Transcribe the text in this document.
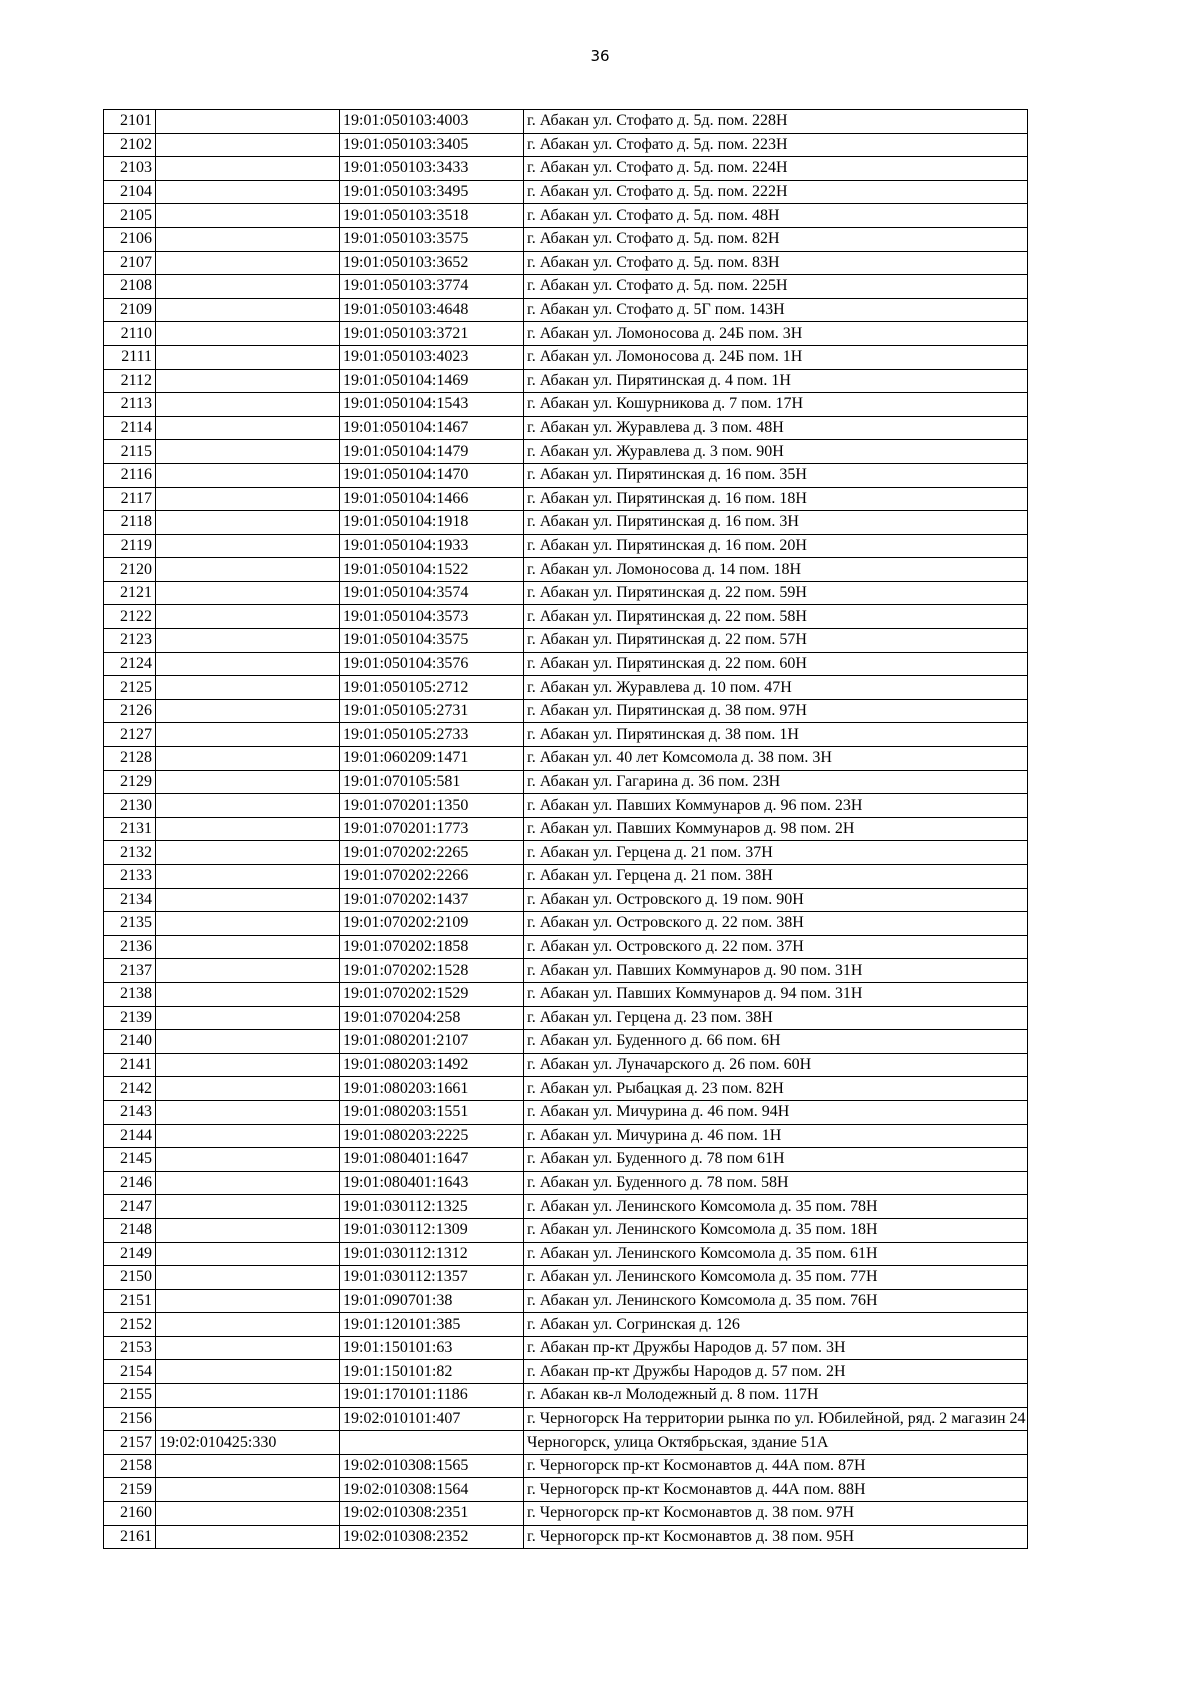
36
2101		19:01:050103:4003	г. Абакан ул. Стофато д. 5д. пом. 228Н
2102		19:01:050103:3405	г. Абакан ул. Стофато д. 5д. пом. 223Н
2103		19:01:050103:3433	г. Абакан ул. Стофато д. 5д. пом. 224Н
2104		19:01:050103:3495	г. Абакан ул. Стофато д. 5д. пом. 222Н
2105		19:01:050103:3518	г. Абакан ул. Стофато д. 5д. пом. 48Н
2106		19:01:050103:3575	г. Абакан ул. Стофато д. 5д. пом. 82Н
2107		19:01:050103:3652	г. Абакан ул. Стофато д. 5д. пом. 83Н
2108		19:01:050103:3774	г. Абакан ул. Стофато д. 5д. пом. 225Н
2109		19:01:050103:4648	г. Абакан ул. Стофато д. 5Г пом. 143Н
2110		19:01:050103:3721	г. Абакан ул. Ломоносова д. 24Б пом. 3Н
2111		19:01:050103:4023	г. Абакан ул. Ломоносова д. 24Б пом. 1Н
2112		19:01:050104:1469	г. Абакан ул. Пирятинская д. 4 пом. 1Н
2113		19:01:050104:1543	г. Абакан ул. Кошурникова д. 7 пом. 17Н
2114		19:01:050104:1467	г. Абакан ул. Журавлева д. 3 пом. 48Н
2115		19:01:050104:1479	г. Абакан ул. Журавлева д. 3 пом. 90Н
2116		19:01:050104:1470	г. Абакан ул. Пирятинская д. 16 пом. 35Н
2117		19:01:050104:1466	г. Абакан ул. Пирятинская д. 16 пом. 18Н
2118		19:01:050104:1918	г. Абакан ул. Пирятинская д. 16 пом. 3Н
2119		19:01:050104:1933	г. Абакан ул. Пирятинская д. 16 пом. 20Н
2120		19:01:050104:1522	г. Абакан ул. Ломоносова д. 14 пом. 18Н
2121		19:01:050104:3574	г. Абакан ул. Пирятинская д. 22 пом. 59Н
2122		19:01:050104:3573	г. Абакан ул. Пирятинская д. 22 пом. 58Н
2123		19:01:050104:3575	г. Абакан ул. Пирятинская д. 22 пом. 57Н
2124		19:01:050104:3576	г. Абакан ул. Пирятинская д. 22 пом. 60Н
2125		19:01:050105:2712	г. Абакан ул. Журавлева д. 10 пом. 47Н
2126		19:01:050105:2731	г. Абакан ул. Пирятинская д. 38 пом. 97Н
2127		19:01:050105:2733	г. Абакан ул. Пирятинская д. 38 пом. 1Н
2128		19:01:060209:1471	г. Абакан ул. 40 лет Комсомола д. 38 пом. 3Н
2129		19:01:070105:581	г. Абакан ул. Гагарина д. 36 пом. 23Н
2130		19:01:070201:1350	г. Абакан ул. Павших Коммунаров д. 96 пом. 23Н
2131		19:01:070201:1773	г. Абакан ул. Павших Коммунаров д. 98 пом. 2Н
2132		19:01:070202:2265	г. Абакан ул. Герцена д. 21 пом. 37Н
2133		19:01:070202:2266	г. Абакан ул. Герцена д. 21 пом. 38Н
2134		19:01:070202:1437	г. Абакан ул. Островского д. 19 пом. 90Н
2135		19:01:070202:2109	г. Абакан ул. Островского д. 22 пом. 38Н
2136		19:01:070202:1858	г. Абакан ул. Островского д. 22 пом. 37Н
2137		19:01:070202:1528	г. Абакан ул. Павших Коммунаров д. 90 пом. 31Н
2138		19:01:070202:1529	г. Абакан ул. Павших Коммунаров д. 94 пом. 31Н
2139		19:01:070204:258	г. Абакан ул. Герцена д. 23 пом. 38Н
2140		19:01:080201:2107	г. Абакан ул. Буденного д. 66 пом. 6Н
2141		19:01:080203:1492	г. Абакан ул. Луначарского д. 26 пом. 60Н
2142		19:01:080203:1661	г. Абакан ул. Рыбацкая д. 23 пом. 82Н
2143		19:01:080203:1551	г. Абакан ул. Мичурина д. 46 пом. 94Н
2144		19:01:080203:2225	г. Абакан ул. Мичурина д. 46 пом. 1Н
2145		19:01:080401:1647	г. Абакан ул. Буденного д. 78 пом 61Н
2146		19:01:080401:1643	г. Абакан ул. Буденного д. 78 пом. 58Н
2147		19:01:030112:1325	г. Абакан ул. Ленинского Комсомола д. 35 пом. 78Н
2148		19:01:030112:1309	г. Абакан ул. Ленинского Комсомола д. 35 пом. 18Н
2149		19:01:030112:1312	г. Абакан ул. Ленинского Комсомола д. 35 пом. 61Н
2150		19:01:030112:1357	г. Абакан ул. Ленинского Комсомола д. 35 пом. 77Н
2151		19:01:090701:38	г. Абакан ул. Ленинского Комсомола д. 35 пом. 76Н
2152		19:01:120101:385	г. Абакан ул. Согринская д. 126
2153		19:01:150101:63	г. Абакан пр-кт Дружбы Народов д. 57 пом. 3Н
2154		19:01:150101:82	г. Абакан пр-кт Дружбы Народов д. 57 пом. 2Н
2155		19:01:170101:1186	г. Абакан кв-л Молодежный д. 8 пом. 117Н
2156		19:02:010101:407	г. Черногорск На территории рынка по ул. Юбилейной, ряд. 2 магазин 24
2157	19:02:010425:330		Черногорск, улица Октябрьская, здание 51А
2158		19:02:010308:1565	г. Черногорск пр-кт Космонавтов д. 44А пом. 87Н
2159		19:02:010308:1564	г. Черногорск пр-кт Космонавтов д. 44А пом. 88Н
2160		19:02:010308:2351	г. Черногорск пр-кт Космонавтов д. 38 пом. 97Н
2161		19:02:010308:2352	г. Черногорск пр-кт Космонавтов д. 38 пом. 95Н
